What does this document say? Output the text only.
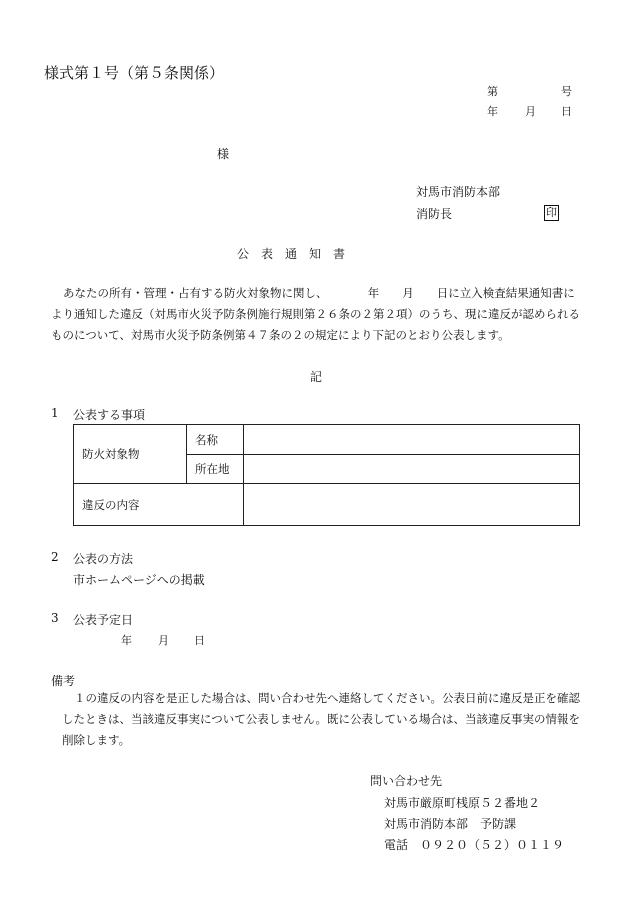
様式第１号（第５条関係）
第	号
年 月 日
様
対馬市消防本部
消防長	印
公　表　通　知　書

あなたの所有・管理・占有する防火対象物に関し、　　　　年　　月　　日に立入検査結果通知書により通知した違反（対馬市火災予防条例施行規則第２６条の２第２項）のうち、現に違反が認められるものについて、対馬市火災予防条例第４７条の２の規定により下記のとおり公表します。

記
1 公表する事項
防火対象物	名称	
	所在地	
違反の内容		
2 公表の方法
市ホームページへの掲載
3 公表予定日
年 月 日
備考

１の違反の内容を是正した場合は、問い合わせ先へ連絡してください。公表日前に違反是正を確認したときは、当該違反事実について公表しません。既に公表している場合は、当該違反事実の情報を削除します。

問い合わせ先
対馬市厳原町桟原５２番地２
対馬市消防本部　予防課
電話　０９２０（５２）０１１９
